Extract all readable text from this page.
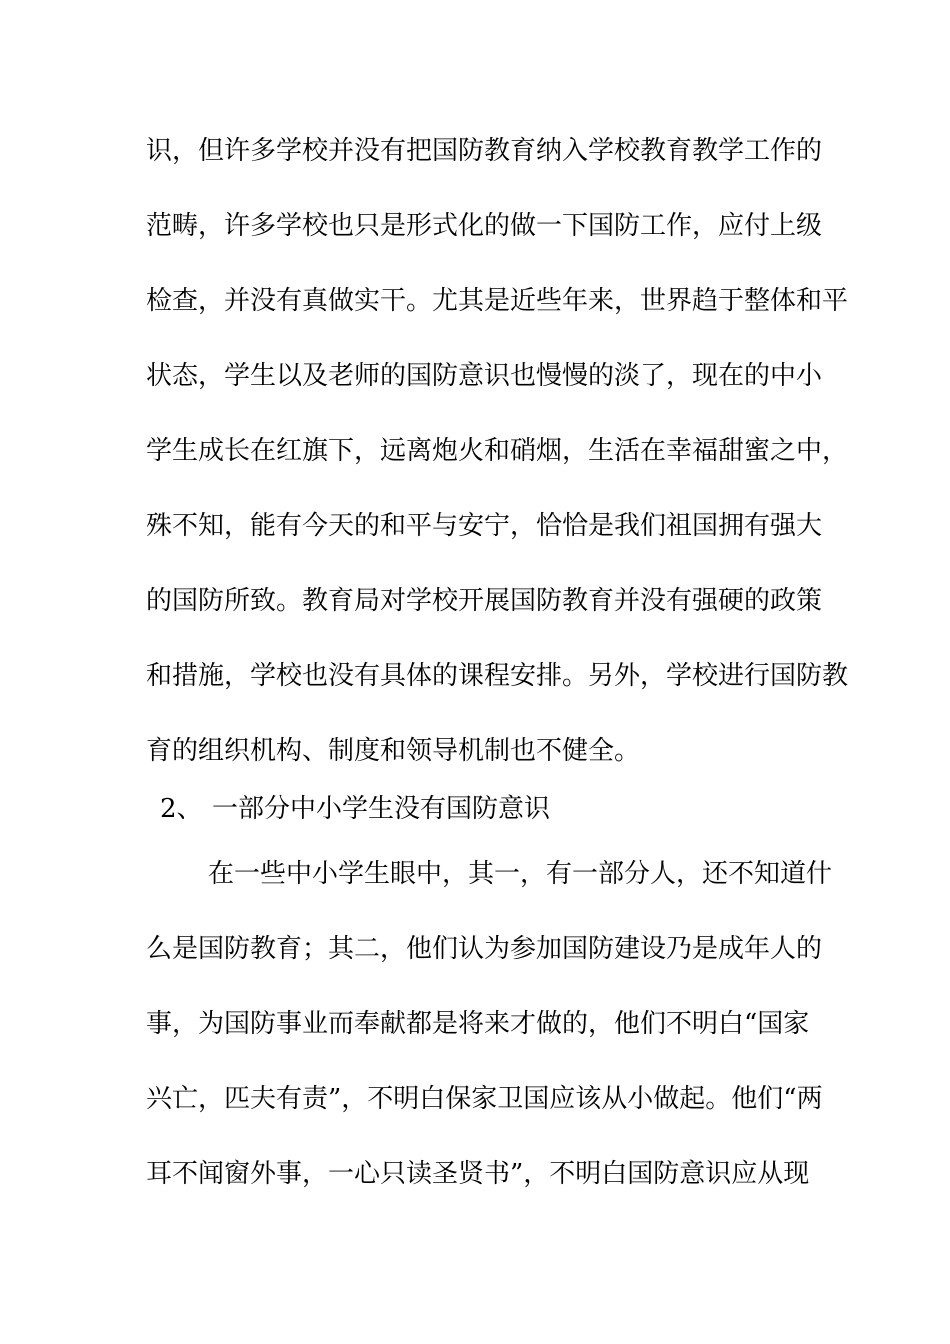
识，但许多学校并没有把国防教育纳入学校教育教学工作的
范畴，许多学校也只是形式化的做一下国防工作，应付上级
检查，并没有真做实干。尤其是近些年来，世界趋于整体和平
状态，学生以及老师的国防意识也慢慢的淡了，现在的中小
学生成长在红旗下，远离炮火和硝烟，生活在幸福甜蜜之中，
殊不知，能有今天的和平与安宁，恰恰是我们祖国拥有强大
的国防所致。教育局对学校开展国防教育并没有强硬的政策
和措施，学校也没有具体的课程安排。另外，学校进行国防教
育的组织机构、制度和领导机制也不健全。
2、 一部分中小学生没有国防意识
在一些中小学生眼中，其一，有一部分人，还不知道什
么是国防教育；其二，他们认为参加国防建设乃是成年人的
事，为国防事业而奉献都是将来才做的，他们不明白“国家
兴亡，匹夫有责”，不明白保家卫国应该从小做起。他们“两
耳不闻窗外事，一心只读圣贤书”，不明白国防意识应从现
